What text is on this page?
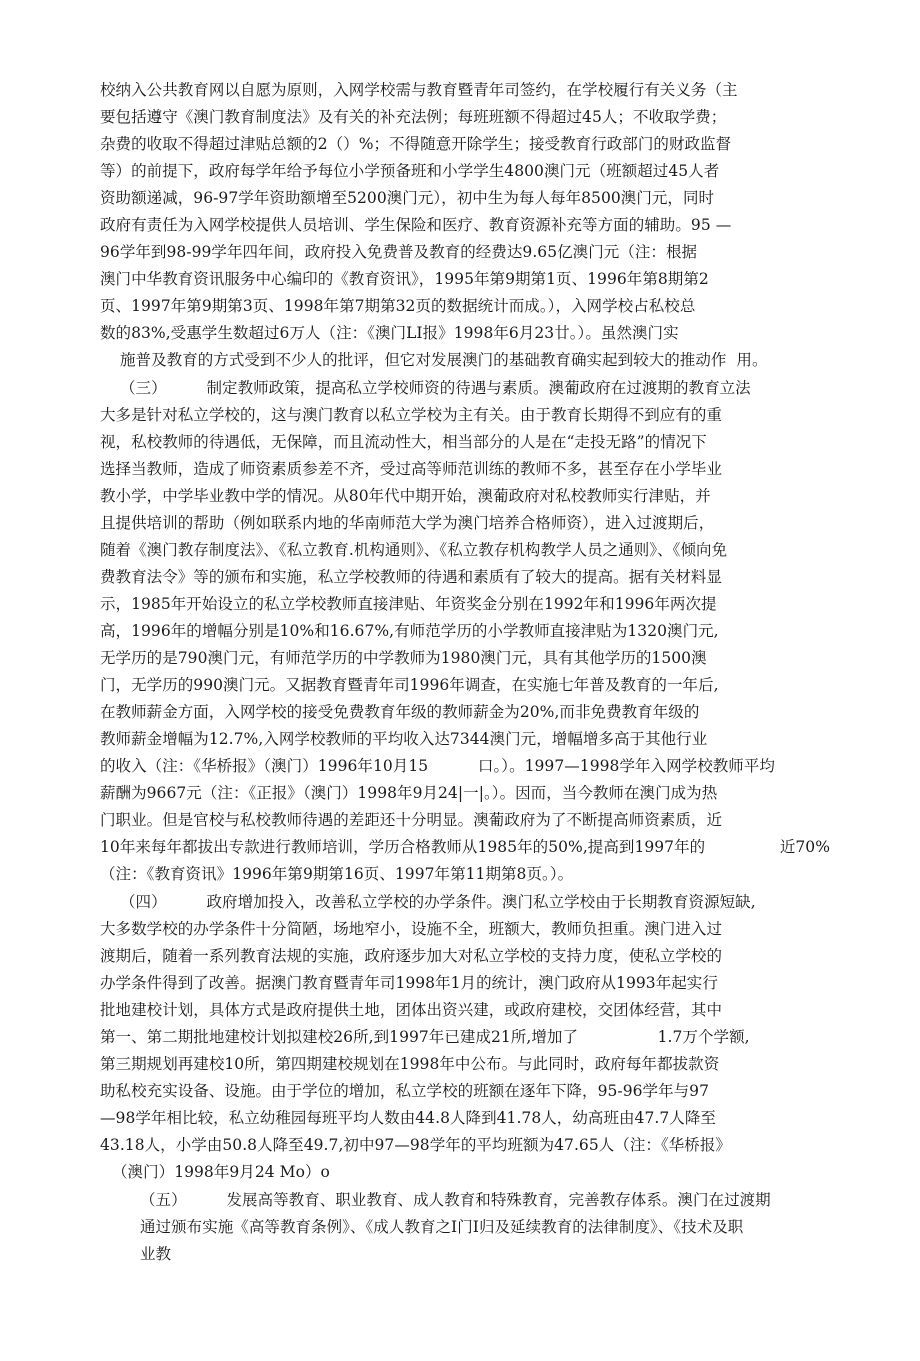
校纳入公共教育网以自愿为原则，入网学校需与教育暨青年司签约，在学校履行有关义务（主
要包括遵守《澳门教育制度法》及有关的补充法例；每班班额不得超过45人；不收取学费；
杂费的收取不得超过津贴总额的2（）%；不得随意开除学生；接受教育行政部门的财政监督
等）的前提下，政府每学年给予每位小学预备班和小学学生4800澳门元（班额超过45人者
资助额递减，96-97学年资助额增至5200澳门元），初中生为每人每年8500澳门元，同时
政府有责任为入网学校提供人员培训、学生保险和医疗、教育资源补充等方面的辅助。95 —
96学年到98-99学年四年间，政府投入免费普及教育的经费达9.65亿澳门元（注：根据
澳门中华教育资讯服务中心编印的《教育资讯》，1995年第9期第1页、1996年第8期第2
页、1997年第9期第3页、1998年第7期第32页的数据统计而成。），入网学校占私校总
数的83%,受惠学生数超过6万人（注：《澳门LI报》1998年6月23廿。）。虽然澳门实
施普及教育的方式受到不少人的批评，但它对发展澳门的基础教育确实起到较大的推动作  用。
（三）        制定教师政策，提高私立学校师资的待遇与素质。澳葡政府在过渡期的教育立法
大多是针对私立学校的，这与澳门教育以私立学校为主有关。由于教育长期得不到应有的重
视，私校教师的待遇低，无保障，而且流动性大，相当部分的人是在“走投无路”的情况下
选择当教师，造成了师资素质参差不齐，受过高等师范训练的教师不多，甚至存在小学毕业
教小学，中学毕业教中学的情况。从80年代中期开始，澳葡政府对私校教师实行津贴，并
且提供培训的帮助（例如联系内地的华南师范大学为澳门培养合格师资），进入过渡期后，
随着《澳门教存制度法》、《私立教育.机构通则》、《私立教存机构教学人员之通则》、《倾向免
费教育法令》等的颁布和实施，私立学校教师的待遇和素质有了较大的提高。据有关材料显
示，1985年开始设立的私立学校教师直接津贴、年资奖金分别在1992年和1996年两次提
高，1996年的增幅分别是10%和16.67%,有师范学历的小学教师直接津贴为1320澳门元,
无学历的是790澳门元，有师范学历的中学教师为1980澳门元，具有其他学历的1500澳
门，无学历的990澳门元。又据教育暨青年司1996年调查，在实施七年普及教育的一年后,
在教师薪金方面，入网学校的接受免费教育年级的教师薪金为20%,而非免费教育年级的
教师薪金增幅为12.7%,入网学校教师的平均收入达7344澳门元，增幅增多高于其他行业
的收入（注：《华桥报》（澳门）1996年10月15          口。）。1997—1998学年入网学校教师平均
薪酬为9667元（注：《正报》（澳门）1998年9月24|一|。）。因而，当今教师在澳门成为热
门职业。但是官校与私校教师待遇的差距还十分明显。澳葡政府为了不断提高师资素质，近
10年来每年都拔出专款进行教师培训，学历合格教师从1985年的50%,提高到1997年的               近70%
（注：《教育资讯》1996年第9期第16页、1997年第11期第8页。）。
（四）        政府增加投入，改善私立学校的办学条件。澳门私立学校由于长期教育资源短缺,
大多数学校的办学条件十分简陋，场地窄小，设施不全，班额大，教师负担重。澳门进入过
渡期后，随着一系列教育法规的实施，政府逐步加大对私立学校的支持力度，使私立学校的
办学条件得到了改善。据澳门教育暨青年司1998年1月的统计，澳门政府从1993年起实行
批地建校计划，具体方式是政府提供土地，团体出资兴建，或政府建校，交团体经营，其中
第一、第二期批地建校计划拟建校26所,到1997年已建成21所,增加了                1.7万个学额,
第三期规划再建校10所，第四期建校规划在1998年中公布。与此同时，政府每年都拔款资
助私校充实设备、设施。由于学位的增加，私立学校的班额在逐年下降，95-96学年与97
—98学年相比较，私立幼稚园每班平均人数由44.8人降到41.78人，幼高班由47.7人降至
43.18人，小学由50.8人降至49.7,初中97—98学年的平均班额为47.65人（注：《华桥报》
（澳门）1998年9月24 Mo）o
（五）        发展高等教育、职业教育、成人教育和特殊教育，完善教存体系。澳门在过渡期
通过颁布实施《高等教育条例》、《成人教育之I门I归及延续教育的法律制度》、《技术及职
业教
